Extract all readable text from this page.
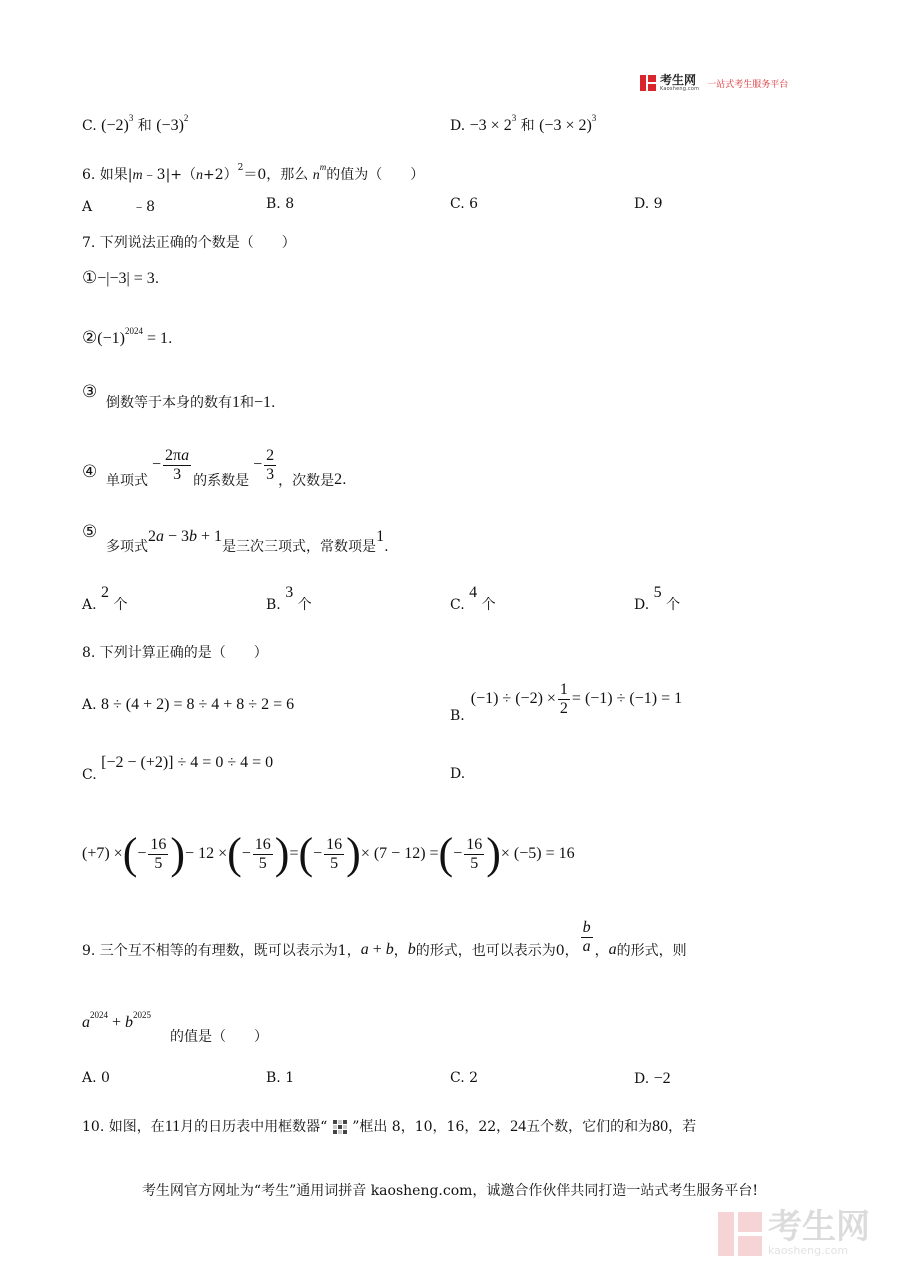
考生网
Kaosheng.com 一站式考生服务平台
C. $(-2)^3$ 和 $(-3)^2$	D. $-3 \times 2^3$ 和 $(-3 \times 2)^3$
6. 如果$|m﹣3|+(n+2)^2=0$，那么 $n^m$的值为（　　）
A	﹣8	B. 8	C. 6	D. 9
7. 下列说法正确的个数是（　　）
①−|−3| = 3.
$②(-1)^{2024} = 1$.
③
倒数等于本身的数有1和−1.
④ 单项式
− $\frac{2\pi a}{3}$ 的系数是
− $\frac{2}{3}$ ，次数是 2 .
⑤
多项式2a − 3b + 1是三次三项式，常数项是1.
A. 2 个	B. 3 个	C. 4 个	D. 5 个
8. 下列计算正确的是（　　）
A. 8 ÷ (4 + 2) = 8 ÷ 4 + 8 ÷ 2 = 6
B.
$(-1) \div (-2) \times \frac{1}{2} = (-1) \div (-1) = 1$
C. [−2 − (+2)] ÷ 4 = 0 ÷ 4 = 0
D.
(+7) × ( − $\frac{16}{5}$ ) − 12 × ( − $\frac{16}{5}$ ) = ( − $\frac{16}{5}$ ) × (7 − 12) = ( − $\frac{16}{5}$ ) × (−5) = 16
9. 三个互不相等的有理数，既可以表示为1， a + b ， b 的形式，也可以表示为0， $\frac{b}{a}$ ， a 的形式，则
$a^{2024} + b^{2025}$
的值是（　　）
A. 0	B. 1	C. 2	D. −2
10. 如图，在11月的日历表中用框数器“ ”框出 8，10，16，22，24五个数，它们的和为80，若
考生网官方网址为“考生”通用词拼音 kaosheng.com，诚邀合作伙伴共同打造一站式考生服务平台!
考生网
kaosheng.com
